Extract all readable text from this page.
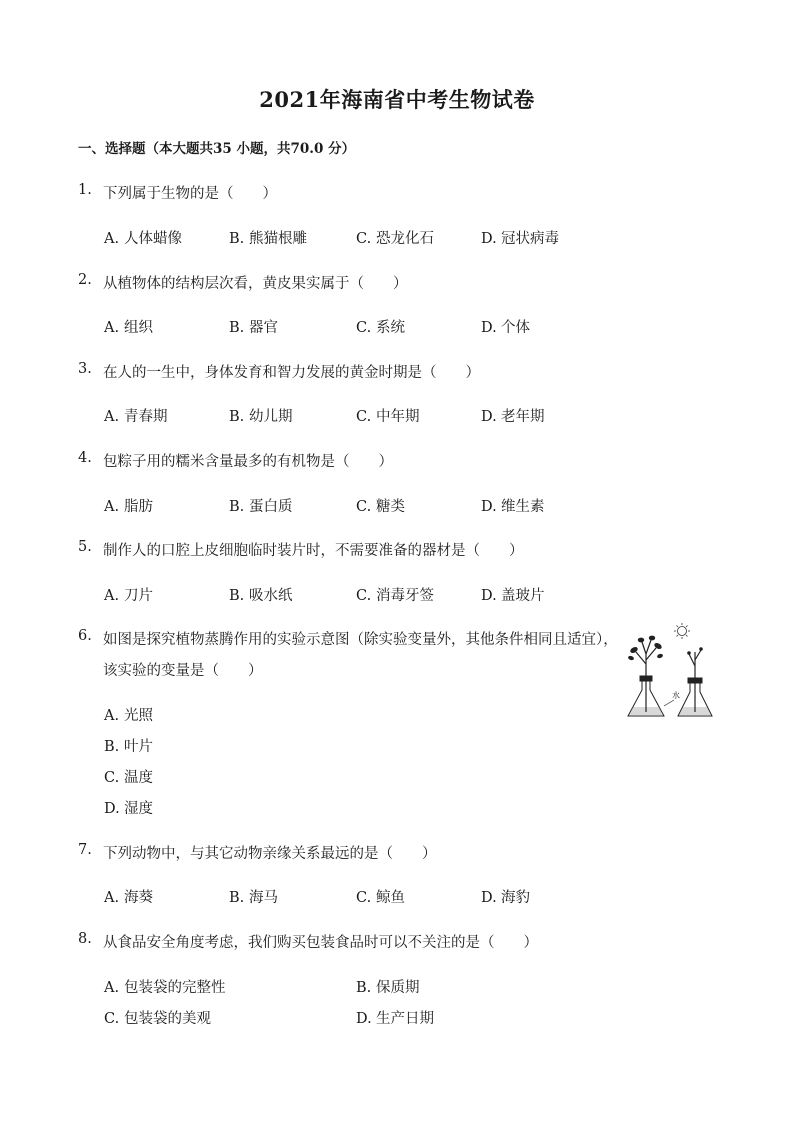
2021年海南省中考生物试卷
一、选择题（本大题共35 小题，共70.0 分）
1. 下列属于生物的是（　　）
A. 人体蜡像	B. 熊猫根雕	C. 恐龙化石	D. 冠状病毒
2. 从植物体的结构层次看，黄皮果实属于（　　）
A. 组织	B. 器官	C. 系统	D. 个体
3. 在人的一生中，身体发育和智力发展的黄金时期是（　　）
A. 青春期	B. 幼儿期	C. 中年期	D. 老年期
4. 包粽子用的糯米含量最多的有机物是（　　）
A. 脂肪	B. 蛋白质	C. 糖类	D. 维生素
5. 制作人的口腔上皮细胞临时装片时，不需要准备的器材是（　　）
A. 刀片	B. 吸水纸	C. 消毒牙签	D. 盖玻片
6. 如图是探究植物蒸腾作用的实验示意图（除实验变量外，其他条件相同且适宜），
该实验的变量是（　　）
A. 光照
B. 叶片
C. 温度
D. 湿度
水
7. 下列动物中，与其它动物亲缘关系最远的是（　　）
A. 海葵	B. 海马	C. 鲸鱼	D. 海豹
8. 从食品安全角度考虑，我们购买包装食品时可以不关注的是（　　）
A. 包装袋的完整性	B. 保质期
C. 包装袋的美观	D. 生产日期
